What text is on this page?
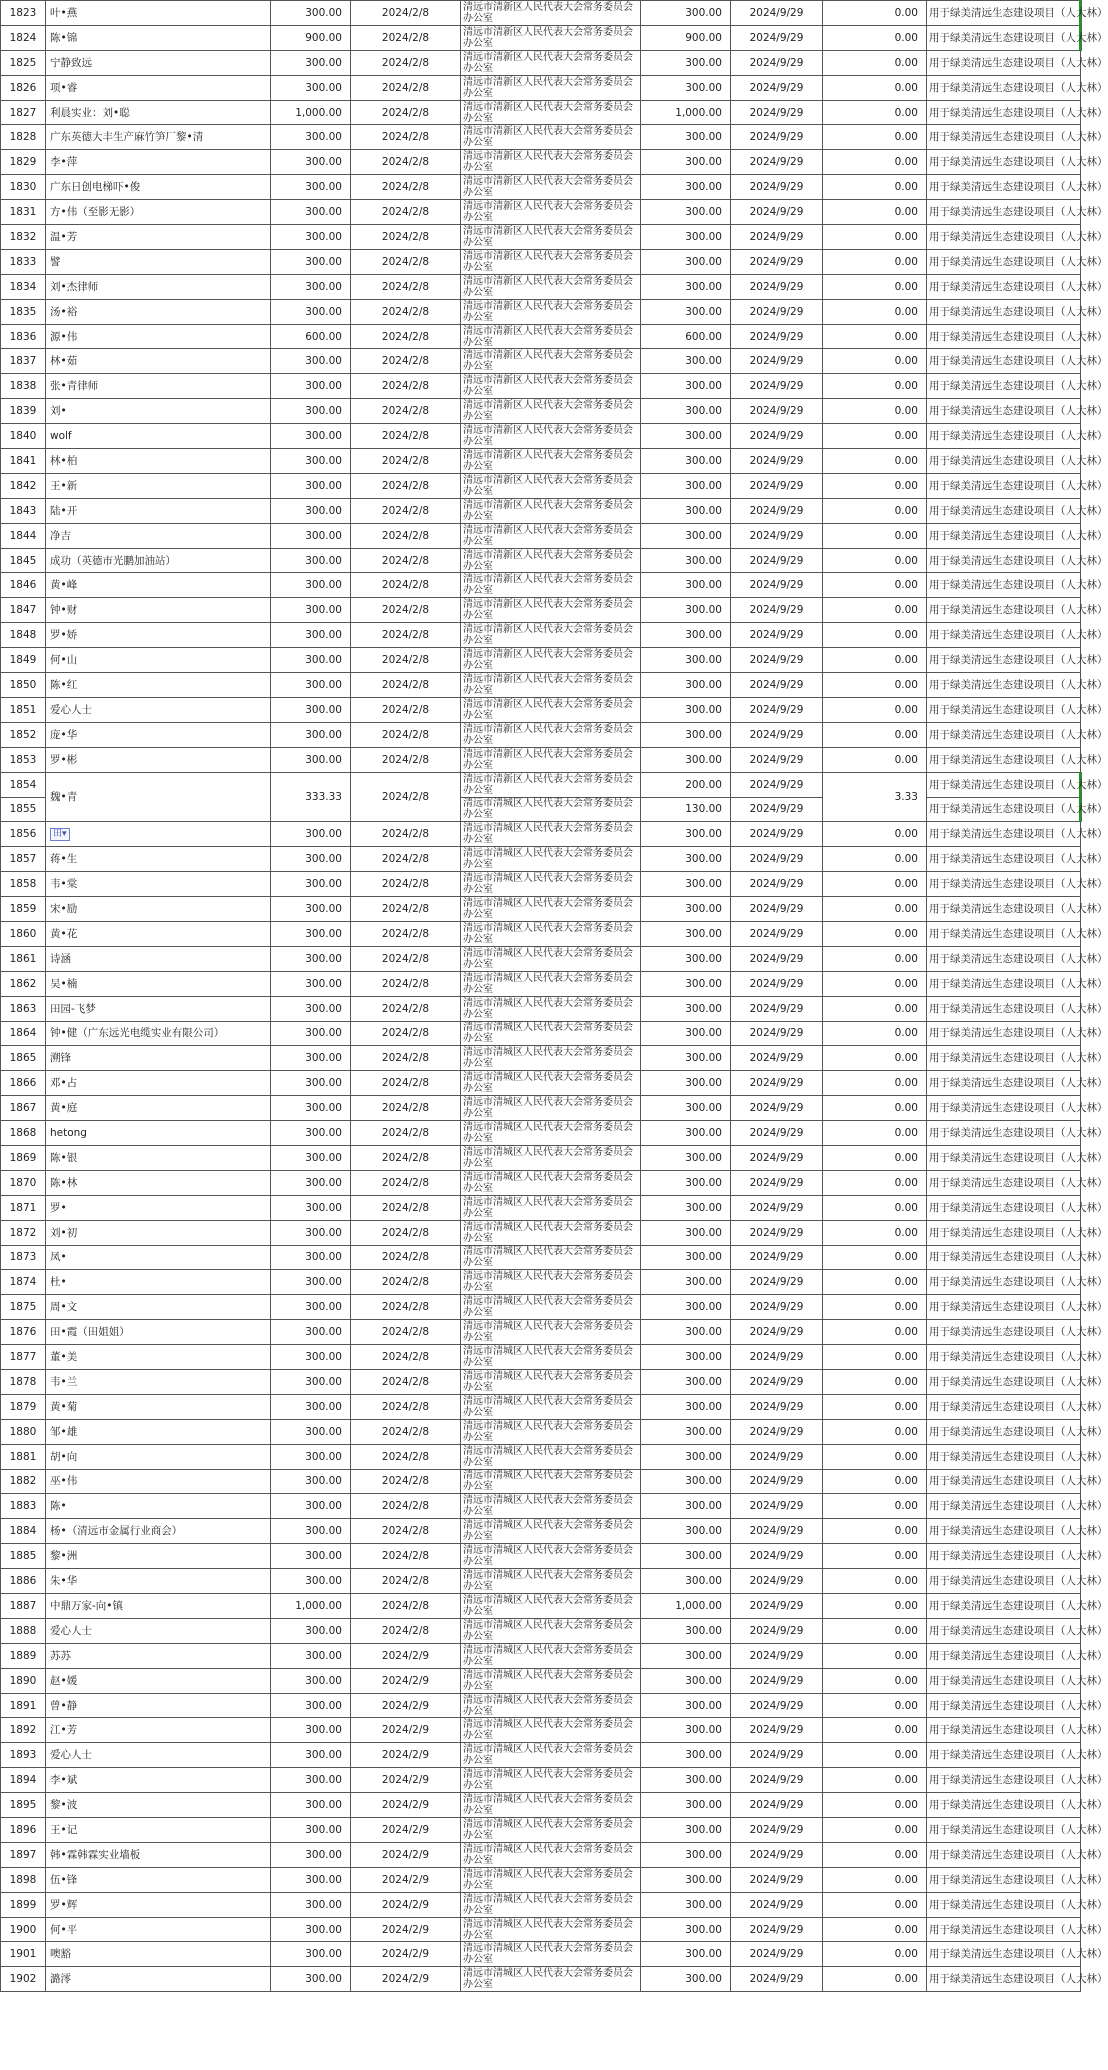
1823	叶•燕	300.00	2024/2/8	清远市清新区人民代表大会常务委员会办公室	300.00	2024/9/29	0.00	用于绿美清远生态建设项目（人大林）
1824	陈•锦	900.00	2024/2/8	清远市清新区人民代表大会常务委员会办公室	900.00	2024/9/29	0.00	用于绿美清远生态建设项目（人大林）
1825	宁静致远	300.00	2024/2/8	清远市清新区人民代表大会常务委员会办公室	300.00	2024/9/29	0.00	用于绿美清远生态建设项目（人大林）
1826	项•睿	300.00	2024/2/8	清远市清新区人民代表大会常务委员会办公室	300.00	2024/9/29	0.00	用于绿美清远生态建设项目（人大林）
1827	利晨实业：刘•聪	1,000.00	2024/2/8	清远市清新区人民代表大会常务委员会办公室	1,000.00	2024/9/29	0.00	用于绿美清远生态建设项目（人大林）
1828	广东英德大丰生产麻竹笋厂黎•清	300.00	2024/2/8	清远市清新区人民代表大会常务委员会办公室	300.00	2024/9/29	0.00	用于绿美清远生态建设项目（人大林）
1829	李•萍	300.00	2024/2/8	清远市清新区人民代表大会常务委员会办公室	300.00	2024/9/29	0.00	用于绿美清远生态建设项目（人大林）
1830	广东日创电梯吓•俊	300.00	2024/2/8	清远市清新区人民代表大会常务委员会办公室	300.00	2024/9/29	0.00	用于绿美清远生态建设项目（人大林）
1831	方•伟（至影无影）	300.00	2024/2/8	清远市清新区人民代表大会常务委员会办公室	300.00	2024/9/29	0.00	用于绿美清远生态建设项目（人大林）
1832	温•芳	300.00	2024/2/8	清远市清新区人民代表大会常务委员会办公室	300.00	2024/9/29	0.00	用于绿美清远生态建设项目（人大林）
1833	譬	300.00	2024/2/8	清远市清新区人民代表大会常务委员会办公室	300.00	2024/9/29	0.00	用于绿美清远生态建设项目（人大林）
1834	刘•杰律师	300.00	2024/2/8	清远市清新区人民代表大会常务委员会办公室	300.00	2024/9/29	0.00	用于绿美清远生态建设项目（人大林）
1835	汤•裕	300.00	2024/2/8	清远市清新区人民代表大会常务委员会办公室	300.00	2024/9/29	0.00	用于绿美清远生态建设项目（人大林）
1836	源•伟	600.00	2024/2/8	清远市清新区人民代表大会常务委员会办公室	600.00	2024/9/29	0.00	用于绿美清远生态建设项目（人大林）
1837	林•茹	300.00	2024/2/8	清远市清新区人民代表大会常务委员会办公室	300.00	2024/9/29	0.00	用于绿美清远生态建设项目（人大林）
1838	张•青律师	300.00	2024/2/8	清远市清新区人民代表大会常务委员会办公室	300.00	2024/9/29	0.00	用于绿美清远生态建设项目（人大林）
1839	刘•	300.00	2024/2/8	清远市清新区人民代表大会常务委员会办公室	300.00	2024/9/29	0.00	用于绿美清远生态建设项目（人大林）
1840	wolf	300.00	2024/2/8	清远市清新区人民代表大会常务委员会办公室	300.00	2024/9/29	0.00	用于绿美清远生态建设项目（人大林）
1841	林•柏	300.00	2024/2/8	清远市清新区人民代表大会常务委员会办公室	300.00	2024/9/29	0.00	用于绿美清远生态建设项目（人大林）
1842	王•新	300.00	2024/2/8	清远市清新区人民代表大会常务委员会办公室	300.00	2024/9/29	0.00	用于绿美清远生态建设项目（人大林）
1843	陆•开	300.00	2024/2/8	清远市清新区人民代表大会常务委员会办公室	300.00	2024/9/29	0.00	用于绿美清远生态建设项目（人大林）
1844	净吉	300.00	2024/2/8	清远市清新区人民代表大会常务委员会办公室	300.00	2024/9/29	0.00	用于绿美清远生态建设项目（人大林）
1845	成功（英德市光鹏加油站）	300.00	2024/2/8	清远市清新区人民代表大会常务委员会办公室	300.00	2024/9/29	0.00	用于绿美清远生态建设项目（人大林）
1846	黄•峰	300.00	2024/2/8	清远市清新区人民代表大会常务委员会办公室	300.00	2024/9/29	0.00	用于绿美清远生态建设项目（人大林）
1847	钟•财	300.00	2024/2/8	清远市清新区人民代表大会常务委员会办公室	300.00	2024/9/29	0.00	用于绿美清远生态建设项目（人大林）
1848	罗•娇	300.00	2024/2/8	清远市清新区人民代表大会常务委员会办公室	300.00	2024/9/29	0.00	用于绿美清远生态建设项目（人大林）
1849	何•山	300.00	2024/2/8	清远市清新区人民代表大会常务委员会办公室	300.00	2024/9/29	0.00	用于绿美清远生态建设项目（人大林）
1850	陈•红	300.00	2024/2/8	清远市清新区人民代表大会常务委员会办公室	300.00	2024/9/29	0.00	用于绿美清远生态建设项目（人大林）
1851	爱心人士	300.00	2024/2/8	清远市清新区人民代表大会常务委员会办公室	300.00	2024/9/29	0.00	用于绿美清远生态建设项目（人大林）
1852	庞•华	300.00	2024/2/8	清远市清新区人民代表大会常务委员会办公室	300.00	2024/9/29	0.00	用于绿美清远生态建设项目（人大林）
1853	罗•彬	300.00	2024/2/8	清远市清新区人民代表大会常务委员会办公室	300.00	2024/9/29	0.00	用于绿美清远生态建设项目（人大林）
1854	魏•青	333.33	2024/2/8	清远市清新区人民代表大会常务委员会办公室	200.00	2024/9/29	3.33	用于绿美清远生态建设项目（人大林）
1855				清远市清城区人民代表大会常务委员会办公室	130.00	2024/9/29		用于绿美清远生态建设项目（人大林）
1856	田▾	300.00	2024/2/8	清远市清城区人民代表大会常务委员会办公室	300.00	2024/9/29	0.00	用于绿美清远生态建设项目（人大林）
1857	蒋•生	300.00	2024/2/8	清远市清城区人民代表大会常务委员会办公室	300.00	2024/9/29	0.00	用于绿美清远生态建设项目（人大林）
1858	韦•棠	300.00	2024/2/8	清远市清城区人民代表大会常务委员会办公室	300.00	2024/9/29	0.00	用于绿美清远生态建设项目（人大林）
1859	宋•励	300.00	2024/2/8	清远市清城区人民代表大会常务委员会办公室	300.00	2024/9/29	0.00	用于绿美清远生态建设项目（人大林）
1860	黄•花	300.00	2024/2/8	清远市清城区人民代表大会常务委员会办公室	300.00	2024/9/29	0.00	用于绿美清远生态建设项目（人大林）
1861	诗涵	300.00	2024/2/8	清远市清城区人民代表大会常务委员会办公室	300.00	2024/9/29	0.00	用于绿美清远生态建设项目（人大林）
1862	吴•楠	300.00	2024/2/8	清远市清城区人民代表大会常务委员会办公室	300.00	2024/9/29	0.00	用于绿美清远生态建设项目（人大林）
1863	田园-飞梦	300.00	2024/2/8	清远市清城区人民代表大会常务委员会办公室	300.00	2024/9/29	0.00	用于绿美清远生态建设项目（人大林）
1864	钟•健（广东远光电缆实业有限公司）	300.00	2024/2/8	清远市清城区人民代表大会常务委员会办公室	300.00	2024/9/29	0.00	用于绿美清远生态建设项目（人大林）
1865	溯锋	300.00	2024/2/8	清远市清城区人民代表大会常务委员会办公室	300.00	2024/9/29	0.00	用于绿美清远生态建设项目（人大林）
1866	邓•占	300.00	2024/2/8	清远市清城区人民代表大会常务委员会办公室	300.00	2024/9/29	0.00	用于绿美清远生态建设项目（人大林）
1867	黄•庭	300.00	2024/2/8	清远市清城区人民代表大会常务委员会办公室	300.00	2024/9/29	0.00	用于绿美清远生态建设项目（人大林）
1868	hetong	300.00	2024/2/8	清远市清城区人民代表大会常务委员会办公室	300.00	2024/9/29	0.00	用于绿美清远生态建设项目（人大林）
1869	陈•银	300.00	2024/2/8	清远市清城区人民代表大会常务委员会办公室	300.00	2024/9/29	0.00	用于绿美清远生态建设项目（人大林）
1870	陈•林	300.00	2024/2/8	清远市清城区人民代表大会常务委员会办公室	300.00	2024/9/29	0.00	用于绿美清远生态建设项目（人大林）
1871	罗•	300.00	2024/2/8	清远市清城区人民代表大会常务委员会办公室	300.00	2024/9/29	0.00	用于绿美清远生态建设项目（人大林）
1872	刘•初	300.00	2024/2/8	清远市清城区人民代表大会常务委员会办公室	300.00	2024/9/29	0.00	用于绿美清远生态建设项目（人大林）
1873	凤•	300.00	2024/2/8	清远市清城区人民代表大会常务委员会办公室	300.00	2024/9/29	0.00	用于绿美清远生态建设项目（人大林）
1874	杜•	300.00	2024/2/8	清远市清城区人民代表大会常务委员会办公室	300.00	2024/9/29	0.00	用于绿美清远生态建设项目（人大林）
1875	周•文	300.00	2024/2/8	清远市清城区人民代表大会常务委员会办公室	300.00	2024/9/29	0.00	用于绿美清远生态建设项目（人大林）
1876	田•霞（田姐姐）	300.00	2024/2/8	清远市清城区人民代表大会常务委员会办公室	300.00	2024/9/29	0.00	用于绿美清远生态建设项目（人大林）
1877	董•美	300.00	2024/2/8	清远市清城区人民代表大会常务委员会办公室	300.00	2024/9/29	0.00	用于绿美清远生态建设项目（人大林）
1878	韦•兰	300.00	2024/2/8	清远市清城区人民代表大会常务委员会办公室	300.00	2024/9/29	0.00	用于绿美清远生态建设项目（人大林）
1879	黄•菊	300.00	2024/2/8	清远市清城区人民代表大会常务委员会办公室	300.00	2024/9/29	0.00	用于绿美清远生态建设项目（人大林）
1880	邹•雄	300.00	2024/2/8	清远市清城区人民代表大会常务委员会办公室	300.00	2024/9/29	0.00	用于绿美清远生态建设项目（人大林）
1881	胡•向	300.00	2024/2/8	清远市清城区人民代表大会常务委员会办公室	300.00	2024/9/29	0.00	用于绿美清远生态建设项目（人大林）
1882	巫•伟	300.00	2024/2/8	清远市清城区人民代表大会常务委员会办公室	300.00	2024/9/29	0.00	用于绿美清远生态建设项目（人大林）
1883	陈•	300.00	2024/2/8	清远市清城区人民代表大会常务委员会办公室	300.00	2024/9/29	0.00	用于绿美清远生态建设项目（人大林）
1884	杨•（清远市金属行业商会）	300.00	2024/2/8	清远市清城区人民代表大会常务委员会办公室	300.00	2024/9/29	0.00	用于绿美清远生态建设项目（人大林）
1885	黎•洲	300.00	2024/2/8	清远市清城区人民代表大会常务委员会办公室	300.00	2024/9/29	0.00	用于绿美清远生态建设项目（人大林）
1886	朱•华	300.00	2024/2/8	清远市清城区人民代表大会常务委员会办公室	300.00	2024/9/29	0.00	用于绿美清远生态建设项目（人大林）
1887	中鼎万家-向•镇	1,000.00	2024/2/8	清远市清城区人民代表大会常务委员会办公室	1,000.00	2024/9/29	0.00	用于绿美清远生态建设项目（人大林）
1888	爱心人士	300.00	2024/2/8	清远市清城区人民代表大会常务委员会办公室	300.00	2024/9/29	0.00	用于绿美清远生态建设项目（人大林）
1889	苏苏	300.00	2024/2/9	清远市清城区人民代表大会常务委员会办公室	300.00	2024/9/29	0.00	用于绿美清远生态建设项目（人大林）
1890	赵•媛	300.00	2024/2/9	清远市清城区人民代表大会常务委员会办公室	300.00	2024/9/29	0.00	用于绿美清远生态建设项目（人大林）
1891	曾•静	300.00	2024/2/9	清远市清城区人民代表大会常务委员会办公室	300.00	2024/9/29	0.00	用于绿美清远生态建设项目（人大林）
1892	江•芳	300.00	2024/2/9	清远市清城区人民代表大会常务委员会办公室	300.00	2024/9/29	0.00	用于绿美清远生态建设项目（人大林）
1893	爱心人士	300.00	2024/2/9	清远市清城区人民代表大会常务委员会办公室	300.00	2024/9/29	0.00	用于绿美清远生态建设项目（人大林）
1894	李•斌	300.00	2024/2/9	清远市清城区人民代表大会常务委员会办公室	300.00	2024/9/29	0.00	用于绿美清远生态建设项目（人大林）
1895	黎•波	300.00	2024/2/9	清远市清城区人民代表大会常务委员会办公室	300.00	2024/9/29	0.00	用于绿美清远生态建设项目（人大林）
1896	王•记	300.00	2024/2/9	清远市清城区人民代表大会常务委员会办公室	300.00	2024/9/29	0.00	用于绿美清远生态建设项目（人大林）
1897	韩•霖韩霖实业墙板	300.00	2024/2/9	清远市清城区人民代表大会常务委员会办公室	300.00	2024/9/29	0.00	用于绿美清远生态建设项目（人大林）
1898	伍•锋	300.00	2024/2/9	清远市清城区人民代表大会常务委员会办公室	300.00	2024/9/29	0.00	用于绿美清远生态建设项目（人大林）
1899	罗•辉	300.00	2024/2/9	清远市清城区人民代表大会常务委员会办公室	300.00	2024/9/29	0.00	用于绿美清远生态建设项目（人大林）
1900	何•平	300.00	2024/2/9	清远市清城区人民代表大会常务委员会办公室	300.00	2024/9/29	0.00	用于绿美清远生态建设项目（人大林）
1901	噢豁	300.00	2024/2/9	清远市清城区人民代表大会常务委员会办公室	300.00	2024/9/29	0.00	用于绿美清远生态建设项目（人大林）
1902	潞澪	300.00	2024/2/9	清远市清城区人民代表大会常务委员会办公室	300.00	2024/9/29	0.00	用于绿美清远生态建设项目（人大林）
